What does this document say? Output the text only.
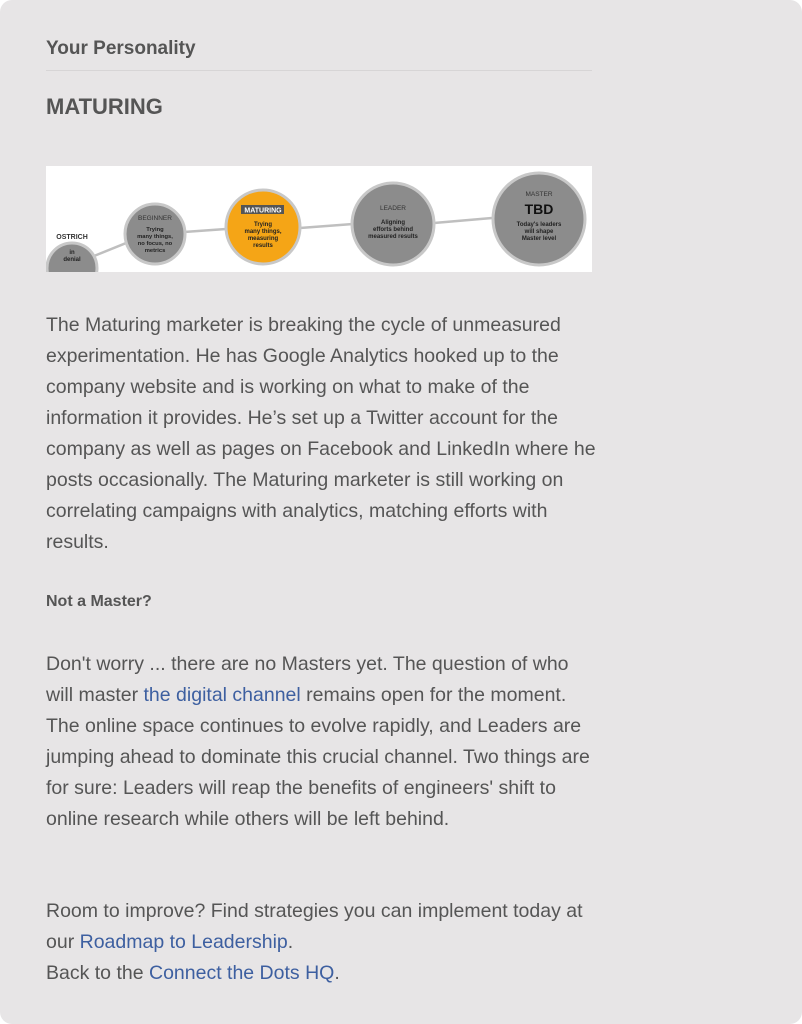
Your Personality
MATURING
OSTRICH
in
denial
BEGINNER
Trying
many things,
no focus, no
metrics
MATURING
Trying
many things,
measuring
results
LEADER
Aligning
efforts behind
measured results
MASTER
TBD
Today's leaders
will shape
Master level

The Maturing marketer is breaking the cycle of unmeasured experimentation. He has Google Analytics hooked up to the company website and is working on what to make of the information it provides. He’s set up a Twitter account for the company as well as pages on Facebook and LinkedIn where he posts occasionally. The Maturing marketer is still working on correlating campaigns with analytics, matching efforts with results.

Not a Master?

Don't worry ... there are no Masters yet. The question of who will master the digital channel remains open for the moment. The online space continues to evolve rapidly, and Leaders are jumping ahead to dominate this crucial channel. Two things are for sure: Leaders will reap the benefits of engineers' shift to online research while others will be left behind.

Room to improve? Find strategies you can implement today at our Roadmap to Leadership.
Back to the Connect the Dots HQ.
